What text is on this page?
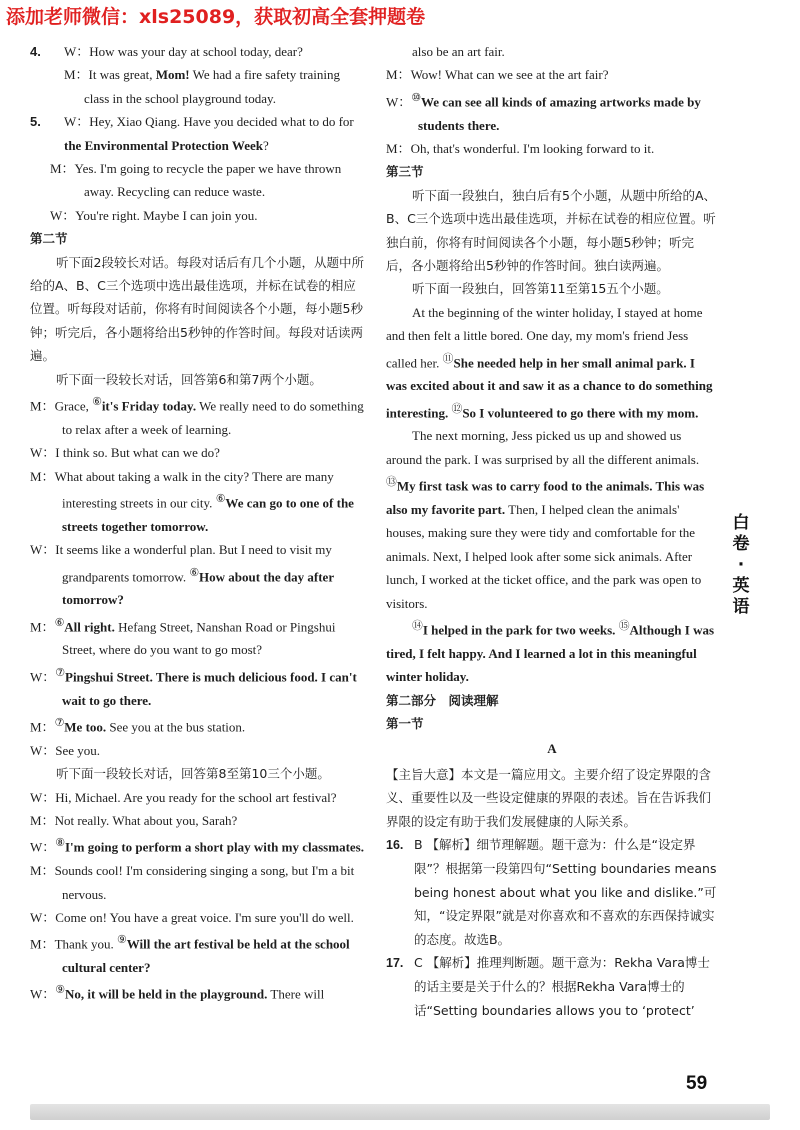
添加老师微信：xls25089，获取初高全套押题卷

4. W：How was your day at school today, dear?

M：It was great, Mom! We had a fire safety training class in the school playground today.

5. W：Hey, Xiao Qiang. Have you decided what to do for the Environmental Protection Week?

M：Yes. I'm going to recycle the paper we have thrown away. Recycling can reduce waste.

W：You're right. Maybe I can join you.

第二节

听下面2段较长对话。每段对话后有几个小题，从题中所给的A、B、C三个选项中选出最佳选项，并标在试卷的相应位置。听每段对话前，你将有时间阅读各个小题，每小题5秒钟；听完后，各小题将给出5秒钟的作答时间。每段对话读两遍。

听下面一段较长对话，回答第6和第7两个小题。

M：Grace, ⑥it's Friday today. We really need to do something to relax after a week of learning.

W：I think so. But what can we do?

M：What about taking a walk in the city? There are many interesting streets in our city. ⑥We can go to one of the streets together tomorrow.

W：It seems like a wonderful plan. But I need to visit my grandparents tomorrow. ⑥How about the day after tomorrow?

M：⑥All right. Hefang Street, Nanshan Road or Pingshui Street, where do you want to go most?

W：⑦Pingshui Street. There is much delicious food. I can't wait to go there.

M：⑦Me too. See you at the bus station.

W：See you.

听下面一段较长对话，回答第8至第10三个小题。

W：Hi, Michael. Are you ready for the school art festival?

M：Not really. What about you, Sarah?

W：⑧I'm going to perform a short play with my classmates.

M：Sounds cool! I'm considering singing a song, but I'm a bit nervous.

W：Come on! You have a great voice. I'm sure you'll do well.

M：Thank you. ⑨Will the art festival be held at the school cultural center?

W：⑨No, it will be held in the playground. There will

also be an art fair.

M：Wow! What can we see at the art fair?

W：⑩We can see all kinds of amazing artworks made by students there.

M：Oh, that's wonderful. I'm looking forward to it.

第三节

听下面一段独白，独白后有5个小题，从题中所给的A、B、C三个选项中选出最佳选项，并标在试卷的相应位置。听独白前，你将有时间阅读各个小题，每小题5秒钟；听完后，各小题将给出5秒钟的作答时间。独白读两遍。

听下面一段独白，回答第11至第15五个小题。

At the beginning of the winter holiday, I stayed at home and then felt a little bored. One day, my mom's friend Jess called her. ⑪She needed help in her small animal park. I was excited about it and saw it as a chance to do something interesting. ⑫So I volunteered to go there with my mom.

The next morning, Jess picked us up and showed us around the park. I was surprised by all the different animals. ⑬My first task was to carry food to the animals. This was also my favorite part. Then, I helped clean the animals' houses, making sure they were tidy and comfortable for the animals. Next, I helped look after some sick animals. After lunch, I worked at the ticket office, and the park was open to visitors.

⑭I helped in the park for two weeks. ⑮Although I was tired, I felt happy. And I learned a lot in this meaningful winter holiday.

第二部分　阅读理解

第一节

A

【主旨大意】本文是一篇应用文。主要介绍了设定界限的含义、重要性以及一些设定健康的界限的表述。旨在告诉我们界限的设定有助于我们发展健康的人际关系。

16. B 【解析】细节理解题。题干意为：什么是“设定界限”？根据第一段第四句“Setting boundaries means being honest about what you like and dislike.”可知，“设定界限”就是对你喜欢和不喜欢的东西保持诚实的态度。故选B。

17. C 【解析】推理判断题。题干意为：Rekha Vara博士的话主要是关于什么的？根据Rekha Vara博士的话“Setting boundaries allows you to ‘protect’

白
卷
·
英
语
59
